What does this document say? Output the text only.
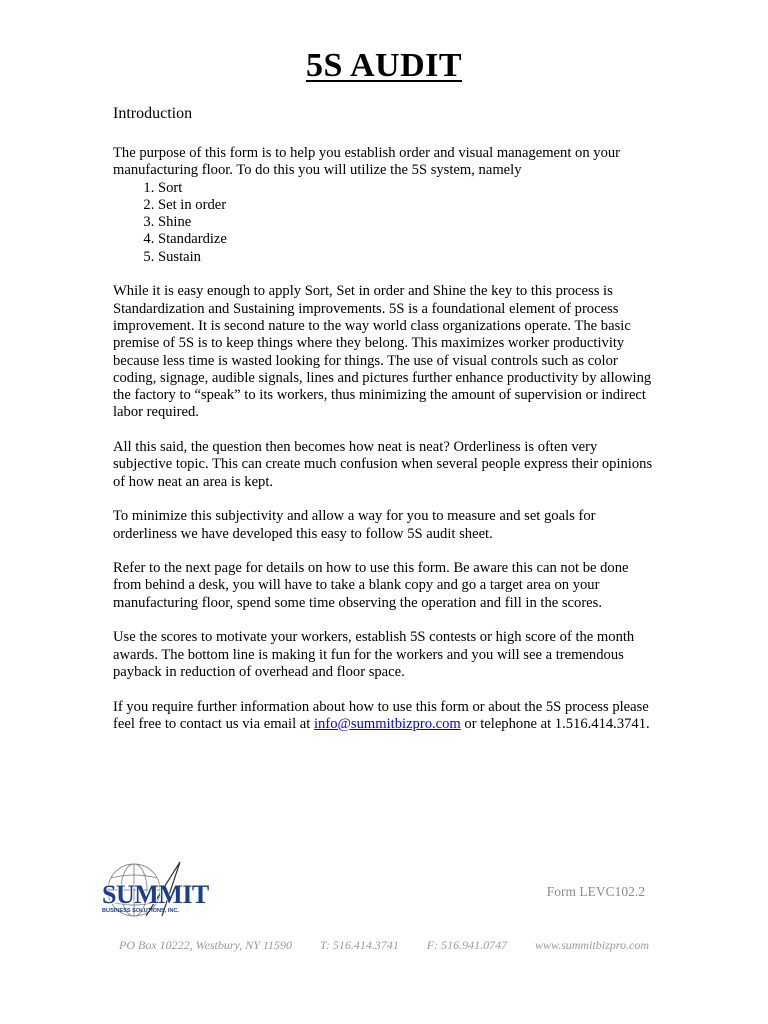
5S AUDIT
Introduction

The purpose of this form is to help you establish order and visual management on your manufacturing floor. To do this you will utilize the 5S system, namely

1. Sort
2. Set in order
3. Shine
4. Standardize
5. Sustain

While it is easy enough to apply Sort, Set in order and Shine the key to this process is Standardization and Sustaining improvements. 5S is a foundational element of process improvement. It is second nature to the way world class organizations operate. The basic premise of 5S is to keep things where they belong. This maximizes worker productivity because less time is wasted looking for things. The use of visual controls such as color coding, signage, audible signals, lines and pictures further enhance productivity by allowing the factory to “speak” to its workers, thus minimizing the amount of supervision or indirect labor required.

All this said, the question then becomes how neat is neat? Orderliness is often very subjective topic. This can create much confusion when several people express their opinions of how neat an area is kept.

To minimize this subjectivity and allow a way for you to measure and set goals for orderliness we have developed this easy to follow 5S audit sheet.

Refer to the next page for details on how to use this form. Be aware this can not be done from behind a desk, you will have to take a blank copy and go a target area on your manufacturing floor, spend some time observing the operation and fill in the scores.

Use the scores to motivate your workers, establish 5S contests or high score of the month awards. The bottom line is making it fun for the workers and you will see a tremendous payback in reduction of overhead and floor space.

If you require further information about how to use this form or about the 5S process please feel free to contact us via email at info@summitbizpro.com or telephone at 1.516.414.3741.

SUMMIT
BUSINESS SOLUTIONS, INC.
Form LEVC102.2
PO Box 10222, Westbury, NY 11590 T: 516.414.3741 F: 516.941.0747 www.summitbizpro.com
